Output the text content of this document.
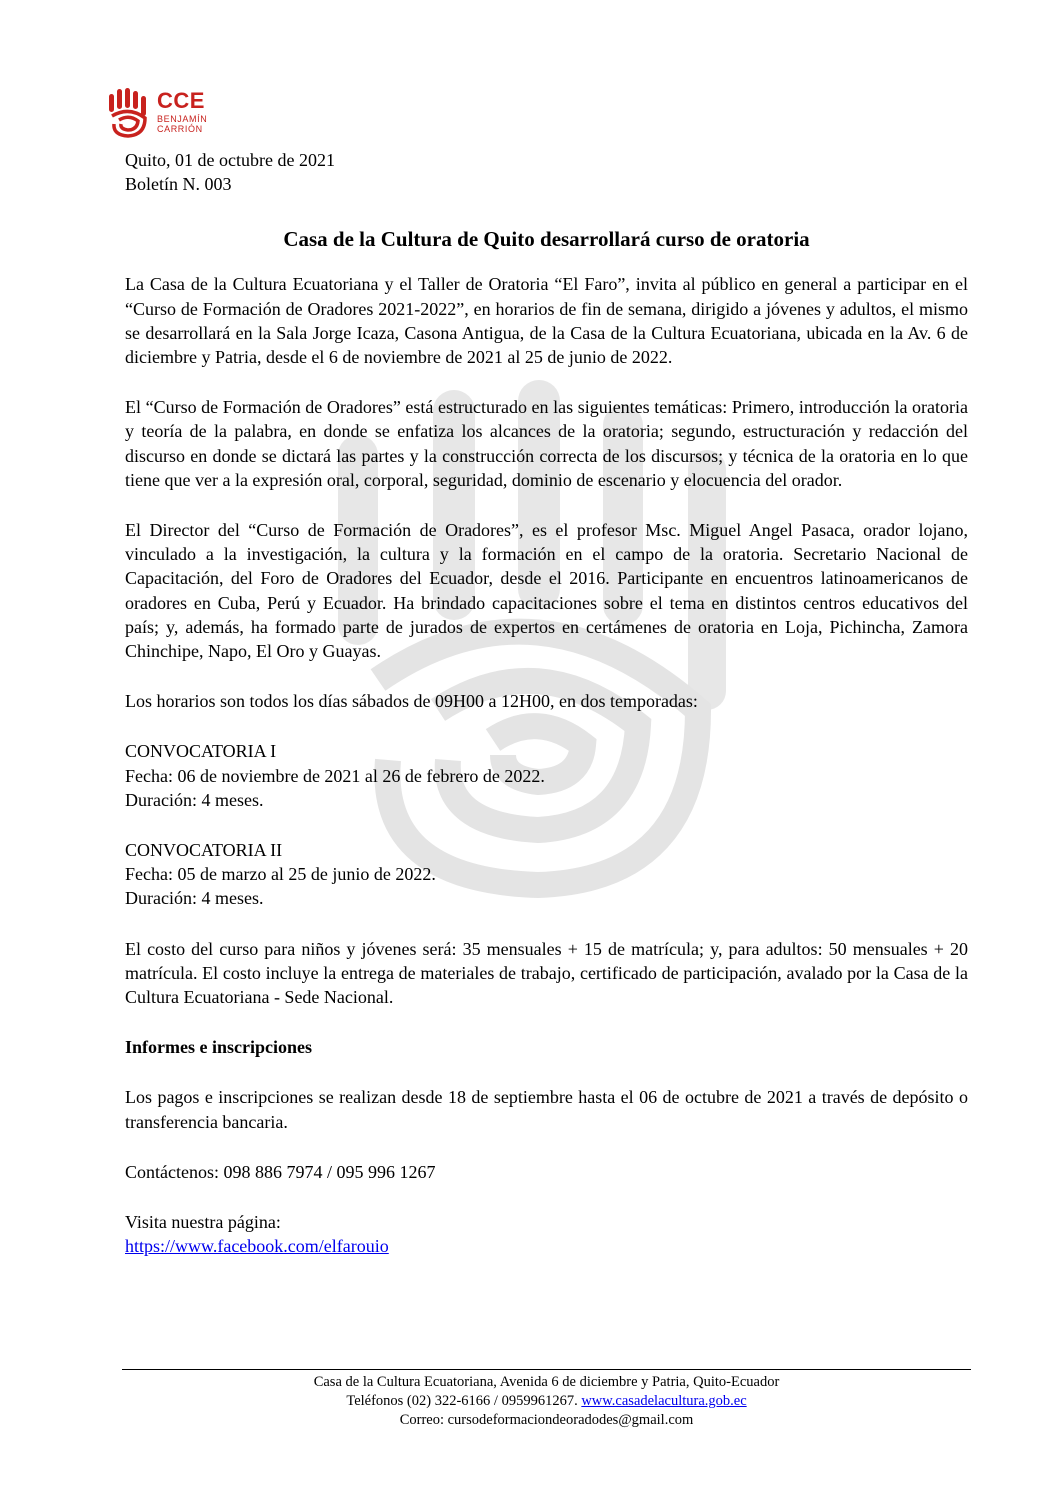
CCE
BENJAMÍN
CARRIÓN

Quito, 01 de octubre de 2021

Boletín N. 003

Casa de la Cultura de Quito desarrollará curso de oratoria

La Casa de la Cultura Ecuatoriana y el Taller de Oratoria “El Faro”, invita al público en general a participar en el “Curso de Formación de Oradores 2021-2022”, en horarios de fin de semana, dirigido a jóvenes y adultos, el mismo se desarrollará en la Sala Jorge Icaza, Casona Antigua, de la Casa de la Cultura Ecuatoriana, ubicada en la Av. 6 de diciembre y Patria, desde el 6 de noviembre de 2021 al 25 de junio de 2022.

El “Curso de Formación de Oradores” está estructurado en las siguientes temáticas: Primero, introducción la oratoria y teoría de la palabra, en donde se enfatiza los alcances de la oratoria; segundo, estructuración y redacción del discurso en donde se dictará las partes y la construcción correcta de los discursos; y técnica de la oratoria en lo que tiene que ver a la expresión oral, corporal, seguridad, dominio de escenario y elocuencia del orador.

El Director del “Curso de Formación de Oradores”, es el profesor Msc. Miguel Angel Pasaca, orador lojano, vinculado a la investigación, la cultura y la formación en el campo de la oratoria. Secretario Nacional de Capacitación, del Foro de Oradores del Ecuador, desde el 2016. Participante en encuentros latinoamericanos de oradores en Cuba, Perú y Ecuador. Ha brindado capacitaciones sobre el tema en distintos centros educativos del país; y, además, ha formado parte de jurados de expertos en certámenes de oratoria en Loja, Pichincha, Zamora Chinchipe, Napo, El Oro y Guayas.

Los horarios son todos los días sábados de 09H00 a 12H00, en dos temporadas:

CONVOCATORIA I

Fecha: 06 de noviembre de 2021 al 26 de febrero de 2022.

Duración: 4 meses.

CONVOCATORIA II

Fecha: 05 de marzo al 25 de junio de 2022.

Duración: 4 meses.

El costo del curso para niños y jóvenes será: 35 mensuales + 15 de matrícula; y, para adultos: 50 mensuales + 20 matrícula. El costo incluye la entrega de materiales de trabajo, certificado de participación, avalado por la Casa de la Cultura Ecuatoriana - Sede Nacional.

Informes e inscripciones

Los pagos e inscripciones se realizan desde 18 de septiembre hasta el 06 de octubre de 2021 a través de depósito o transferencia bancaria.

Contáctenos: 098 886 7974 / 095 996 1267

Visita nuestra página:

https://www.facebook.com/elfarouio

Casa de la Cultura Ecuatoriana, Avenida 6 de diciembre y Patria, Quito-Ecuador
Teléfonos (02) 322-6166 / 0959961267. www.casadelacultura.gob.ec
Correo: cursodeformaciondeoradodes@gmail.com
